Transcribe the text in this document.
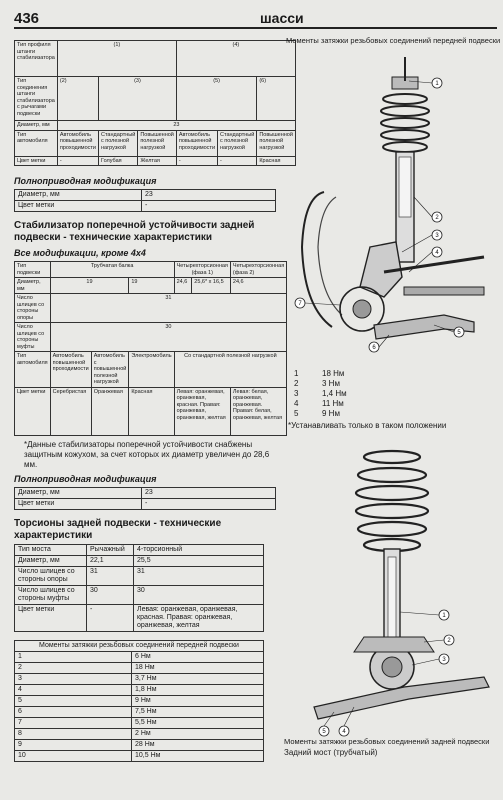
436	шасси
Тип профиля штанги стабилизатора	(1)			(4)		
Тип соединения штанги стабилизатора с рычагами подвески	(2)	(3)		(5)		(6)
Диаметр, мм	23					
Тип автомобиля	Автомобиль повышенной проходимости	Стандартный с полезной нагрузкой	Повышенной полезной нагрузкой	Автомобиль повышенной проходимости	Стандартный с полезной нагрузкой	Повышенной полезной нагрузкой
Цвет метки	-	Голубая	Желтая	-	-	Красная
Полноприводная модификация
Диаметр, мм	23
Цвет метки	-
Стабилизатор поперечной устойчивости задней подвески - технические характеристики
Все модификации, кроме 4x4
Тип подвески	Трубчатая балка			Четырехторсионная (фаза 1)		Четырехторсионная (фаза 2)
Диаметр, мм	19		19	24,6	25,6* x 16,5	24,6
Число шлицев со стороны опоры	31					
Число шлицев со стороны муфты	30					
Тип автомобиля	Автомобиль повышенной проходимости	Автомобиль с повышенной полезной нагрузкой	Электромобиль	Со стандартной полезной нагрузкой		
Цвет метки	Серебристая	Оранжевая	Красная	Левая: оранжевая, оранжевая, красная. Правая: оранжевая, оранжевая, желтая		Левая: белая, оранжевая, оранжевая. Правая: белая, оранжевая, желтая
*Данные стабилизаторы поперечной устойчивости снабжены защитным кожухом, за счет которых их диаметр увеличен до 28,6 мм.
Полноприводная модификация
Диаметр, мм	23
Цвет метки	-
Торсионы задней подвески - технические характеристики
Тип моста	Рычажный	4-торсионный
Диаметр, мм	22,1	25,5
Число шлицев со стороны опоры	31	31
Число шлицев со стороны муфты	30	30
Цвет метки	-	Левая: оранжевая, оранжевая, красная. Правая: оранжевая, оранжевая, желтая
Моменты затяжки резьбовых соединений передней подвески	
1	6 Нм
2	18 Нм
3	3,7 Нм
4	1,8 Нм
5	9 Нм
6	7,5 Нм
7	5,5 Нм
8	2 Нм
9	28 Нм
10	10,5 Нм
Моменты затяжки резьбовых соединений передней подвески
1
2
3
4
5
6
7
1	18 Нм
2	3 Нм
3	1,4 Нм
4	11 Нм
5	9 Нм
*Устанавливать только в таком положении
1
2
3
4
5
Моменты затяжки резьбовых соединений задней подвески
Задний мост (трубчатый)
